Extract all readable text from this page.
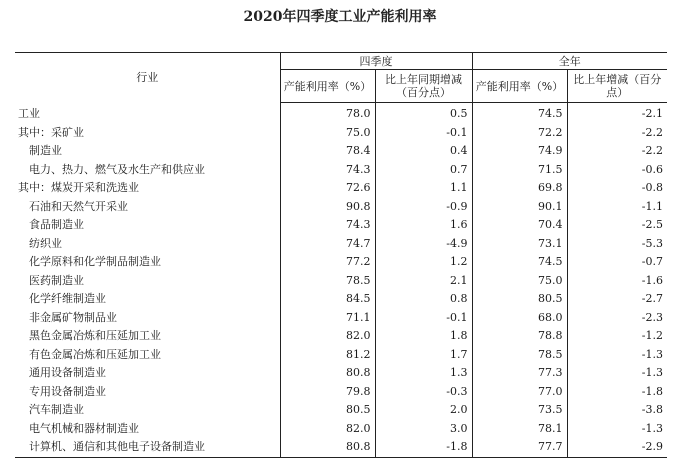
2020年四季度工业产能利用率
行业	四季度		全年	
	产能利用率（%）	比上年同期增减（百分点）	产能利用率（%）	比上年增减（百分点）
工业	78.0	0.5	74.5	-2.1
其中：采矿业	75.0	-0.1	72.2	-2.2
　制造业	78.4	0.4	74.9	-2.2
　电力、热力、燃气及水生产和供应业	74.3	0.7	71.5	-0.6
其中：煤炭开采和洗选业	72.6	1.1	69.8	-0.8
　石油和天然气开采业	90.8	-0.9	90.1	-1.1
　食品制造业	74.3	1.6	70.4	-2.5
　纺织业	74.7	-4.9	73.1	-5.3
　化学原料和化学制品制造业	77.2	1.2	74.5	-0.7
　医药制造业	78.5	2.1	75.0	-1.6
　化学纤维制造业	84.5	0.8	80.5	-2.7
　非金属矿物制品业	71.1	-0.1	68.0	-2.3
　黑色金属冶炼和压延加工业	82.0	1.8	78.8	-1.2
　有色金属冶炼和压延加工业	81.2	1.7	78.5	-1.3
　通用设备制造业	80.8	1.3	77.3	-1.3
　专用设备制造业	79.8	-0.3	77.0	-1.8
　汽车制造业	80.5	2.0	73.5	-3.8
　电气机械和器材制造业	82.0	3.0	78.1	-1.3
　计算机、通信和其他电子设备制造业	80.8	-1.8	77.7	-2.9
